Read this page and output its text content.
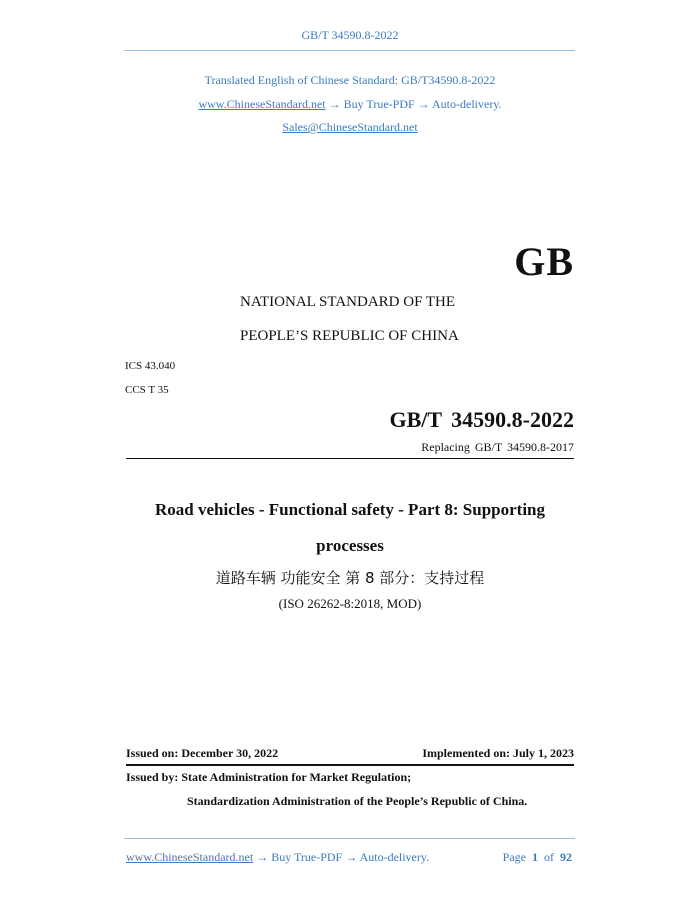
GB/T 34590.8-2022
Translated English of Chinese Standard: GB/T34590.8-2022
www.ChineseStandard.net → Buy True-PDF → Auto-delivery.
Sales@ChineseStandard.net
GB
NATIONAL STANDARD OF THE
PEOPLE’S REPUBLIC OF CHINA
ICS 43.040
CCS T 35
GB/T 34590.8-2022
Replacing GB/T 34590.8-2017
Road vehicles - Functional safety - Part 8: Supporting
processes
道路车辆 功能安全 第 8 部分：支持过程
(ISO 26262-8:2018, MOD)
Issued on: December 30, 2022	Implemented on: July 1, 2023
Issued by: State Administration for Market Regulation;
Standardization Administration of the People’s Republic of China.
www.ChineseStandard.net → Buy True-PDF → Auto-delivery.	Page 1 of 92
